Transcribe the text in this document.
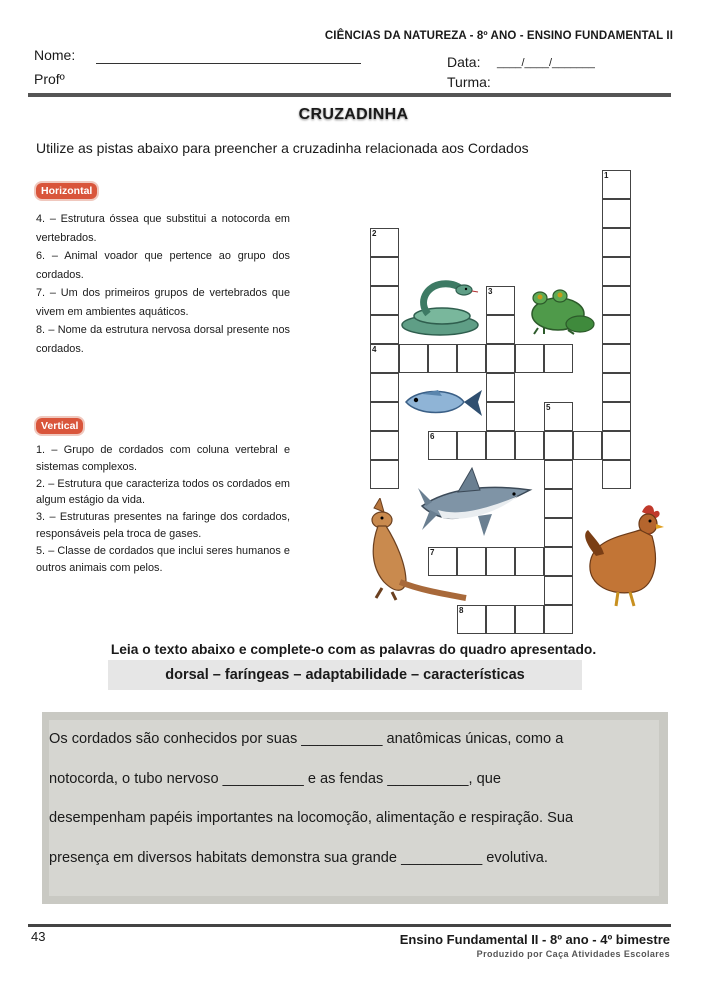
CIÊNCIAS DA NATUREZA - 8º ANO - ENSINO FUNDAMENTAL II
Nome:
Profº
Data: ____/____/_______
Turma:
CRUZADINHA
Utilize as pistas abaixo para preencher a cruzadinha relacionada aos Cordados
Horizontal

4. – Estrutura óssea que substitui a notocorda em vertebrados.

6. – Animal voador que pertence ao grupo dos cordados.

7. – Um dos primeiros grupos de vertebrados que vivem em ambientes aquáticos.

8. – Nome da estrutura nervosa dorsal presente nos cordados.

Vertical

1. – Grupo de cordados com coluna vertebral e sistemas complexos.

2. – Estrutura que caracteriza todos os cordados em algum estágio da vida.

3. – Estruturas presentes na faringe dos cordados, responsáveis pela troca de gases.

5. – Classe de cordados que inclui seres humanos e outros animais com pelos.

1
2
3
4
5
6
7
8
Leia o texto abaixo e complete-o com as palavras do quadro apresentado.
dorsal – faríngeas – adaptabilidade – características

Os cordados são conhecidos por suas __________ anatômicas únicas, como a

notocorda, o tubo nervoso __________ e as fendas __________, que

desempenham papéis importantes na locomoção, alimentação e respiração. Sua

presença em diversos habitats demonstra sua grande __________ evolutiva.

43	Ensino Fundamental II - 8º ano - 4º bimestre
Produzido por Caça Atividades Escolares
